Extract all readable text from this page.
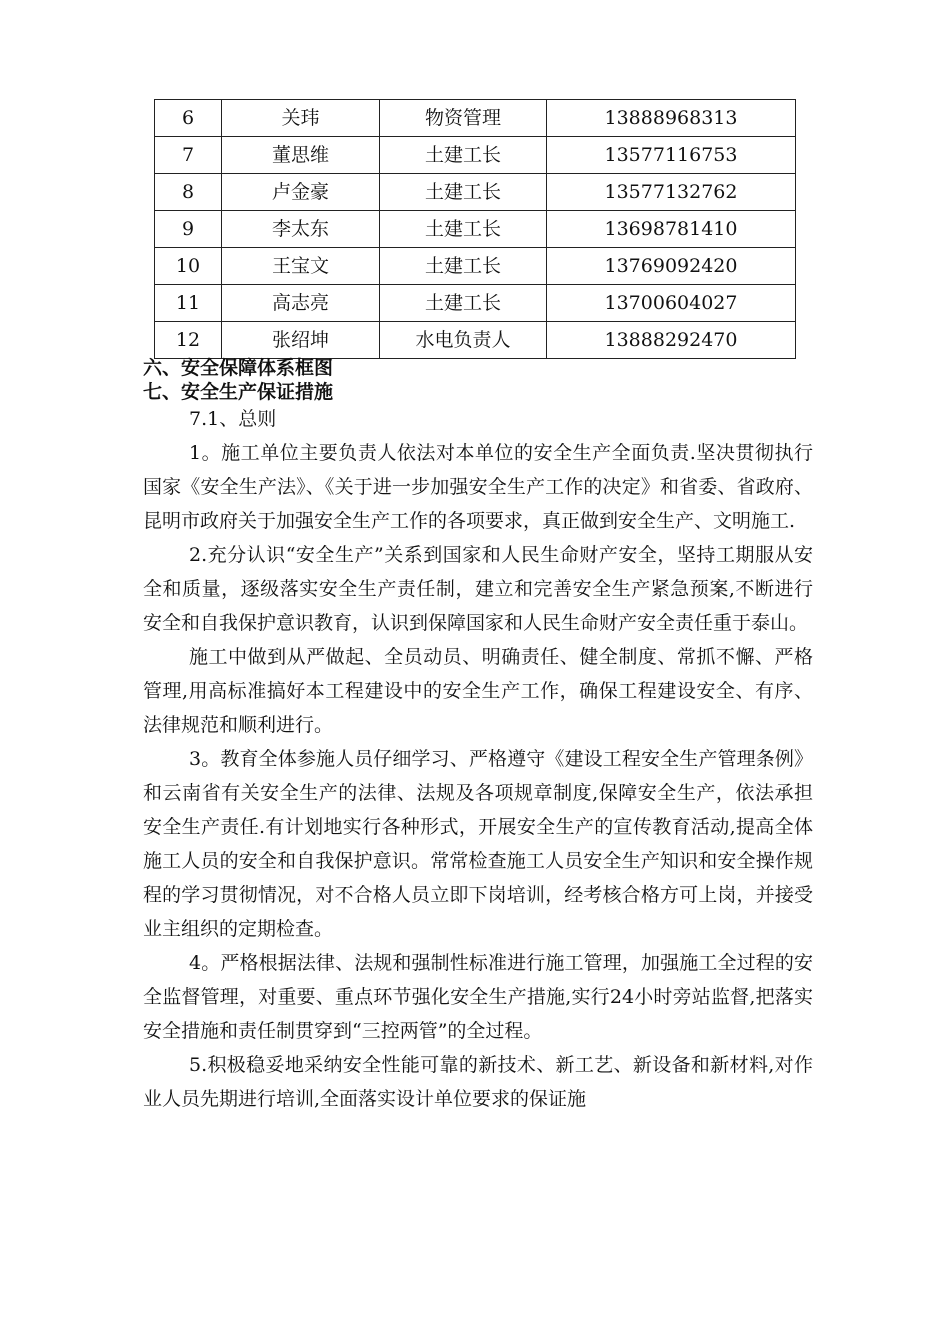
6	关玮	物资管理	13888968313
7	董思维	土建工长	13577116753
8	卢金豪	土建工长	13577132762
9	李太东	土建工长	13698781410
10	王宝文	土建工长	13769092420
11	高志亮	土建工长	13700604027
12	张绍坤	水电负责人	13888292470
六、安全保障体系框图
七、安全生产保证措施
7.1、总则

1。施工单位主要负责人依法对本单位的安全生产全面负责.坚决贯彻执行国家《安全生产法》、《关于进一步加强安全生产工作的决定》和省委、省政府、昆明市政府关于加强安全生产工作的各项要求，真正做到安全生产、文明施工.

2.充分认识“安全生产”关系到国家和人民生命财产安全，坚持工期服从安全和质量，逐级落实安全生产责任制，建立和完善安全生产紧急预案,不断进行安全和自我保护意识教育，认识到保障国家和人民生命财产安全责任重于泰山。

施工中做到从严做起、全员动员、明确责任、健全制度、常抓不懈、严格管理,用高标准搞好本工程建设中的安全生产工作，确保工程建设安全、有序、法律规范和顺利进行。

3。教育全体参施人员仔细学习、严格遵守《建设工程安全生产管理条例》和云南省有关安全生产的法律、法规及各项规章制度,保障安全生产，依法承担安全生产责任.有计划地实行各种形式，开展安全生产的宣传教育活动,提高全体施工人员的安全和自我保护意识。常常检查施工人员安全生产知识和安全操作规程的学习贯彻情况，对不合格人员立即下岗培训，经考核合格方可上岗，并接受业主组织的定期检查。

4。严格根据法律、法规和强制性标准进行施工管理，加强施工全过程的安全监督管理，对重要、重点环节强化安全生产措施,实行24小时旁站监督,把落实安全措施和责任制贯穿到“三控两管”的全过程。

5.积极稳妥地采纳安全性能可靠的新技术、新工艺、新设备和新材料,对作业人员先期进行培训,全面落实设计单位要求的保证施
